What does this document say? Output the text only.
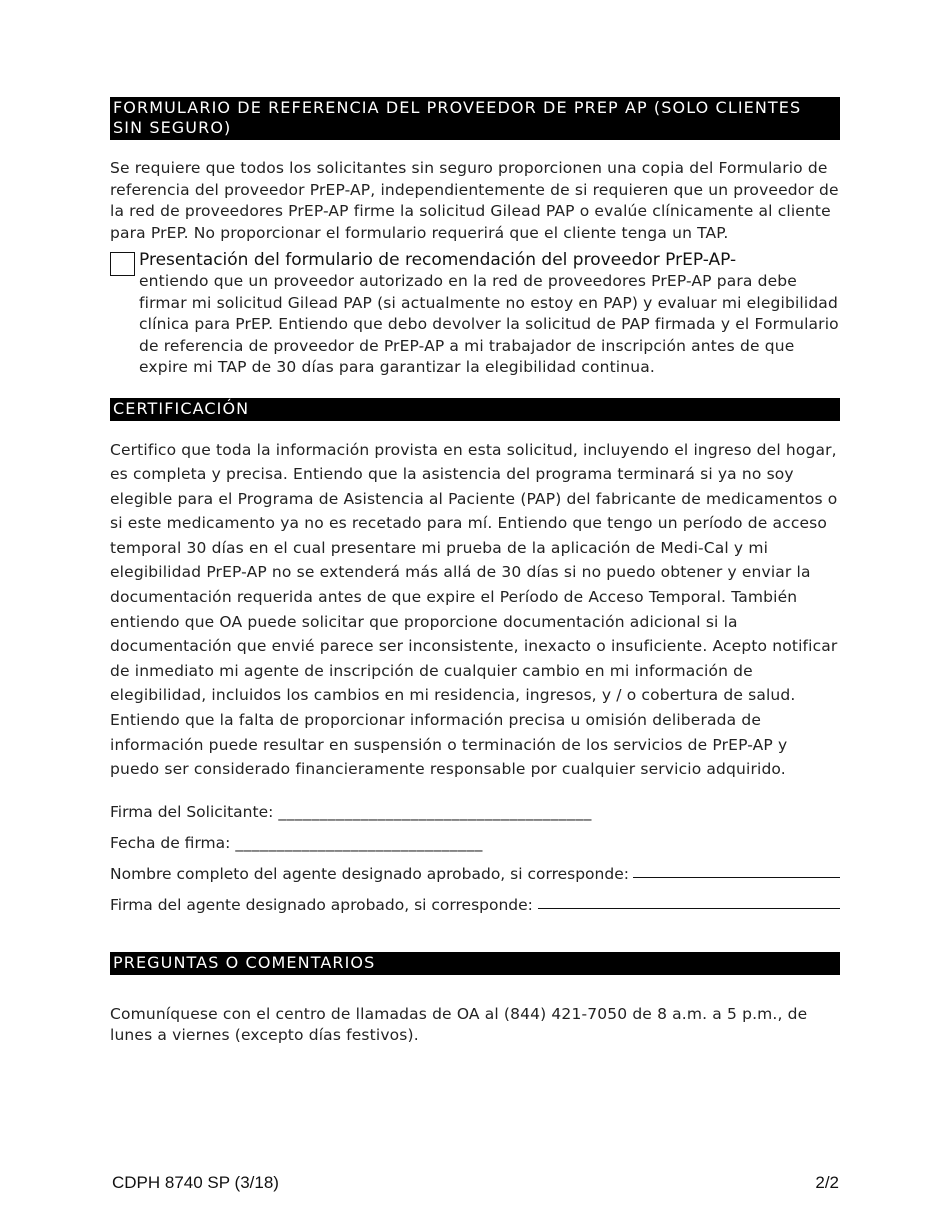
FORMULARIO DE REFERENCIA DEL PROVEEDOR DE PREP AP (SOLO CLIENTES SIN SEGURO)
Se requiere que todos los solicitantes sin seguro proporcionen una copia del Formulario de referencia del proveedor PrEP-AP, independientemente de si requieren que un proveedor de la red de proveedores PrEP-AP firme la solicitud Gilead PAP o evalúe clínicamente al cliente para PrEP. No proporcionar el formulario requerirá que el cliente tenga un TAP.
Presentación del formulario de recomendación del proveedor PrEP-AP-
entiendo que un proveedor autorizado en la red de proveedores PrEP-AP para debe firmar mi solicitud Gilead PAP (si actualmente no estoy en PAP) y evaluar mi elegibilidad clínica para PrEP. Entiendo que debo devolver la solicitud de PAP firmada y el Formulario de referencia de proveedor de PrEP-AP a mi trabajador de inscripción antes de que expire mi TAP de 30 días para garantizar la elegibilidad continua.
CERTIFICACIÓN
Certifico que toda la información provista en esta solicitud, incluyendo el ingreso del hogar, es completa y precisa. Entiendo que la asistencia del programa terminará si ya no soy elegible para el Programa de Asistencia al Paciente (PAP) del fabricante de medicamentos o si este medicamento ya no es recetado para mí. Entiendo que tengo un período de acceso temporal 30 días en el cual presentare mi prueba de la aplicación de Medi-Cal y mi elegibilidad PrEP-AP no se extenderá más allá de 30 días si no puedo obtener y enviar la documentación requerida antes de que expire el Período de Acceso Temporal. También entiendo que OA puede solicitar que proporcione documentación adicional si la documentación que envié parece ser inconsistente, inexacto o insuficiente. Acepto notificar de inmediato mi agente de inscripción de cualquier cambio en mi información de elegibilidad, incluidos los cambios en mi residencia, ingresos, y / o cobertura de salud. Entiendo que la falta de proporcionar información precisa u omisión deliberada de información puede resultar en suspensión o terminación de los servicios de PrEP-AP y puedo ser considerado financieramente responsable por cualquier servicio adquirido.
Firma del Solicitante: ______________________________________
Fecha de firma: ______________________________
Nombre completo del agente designado aprobado, si corresponde:
Firma del agente designado aprobado, si corresponde:
PREGUNTAS O COMENTARIOS
Comuníquese con el centro de llamadas de OA al (844) 421-7050 de 8 a.m. a 5 p.m., de lunes a viernes (excepto días festivos).
CDPH 8740 SP (3/18)	2/2
